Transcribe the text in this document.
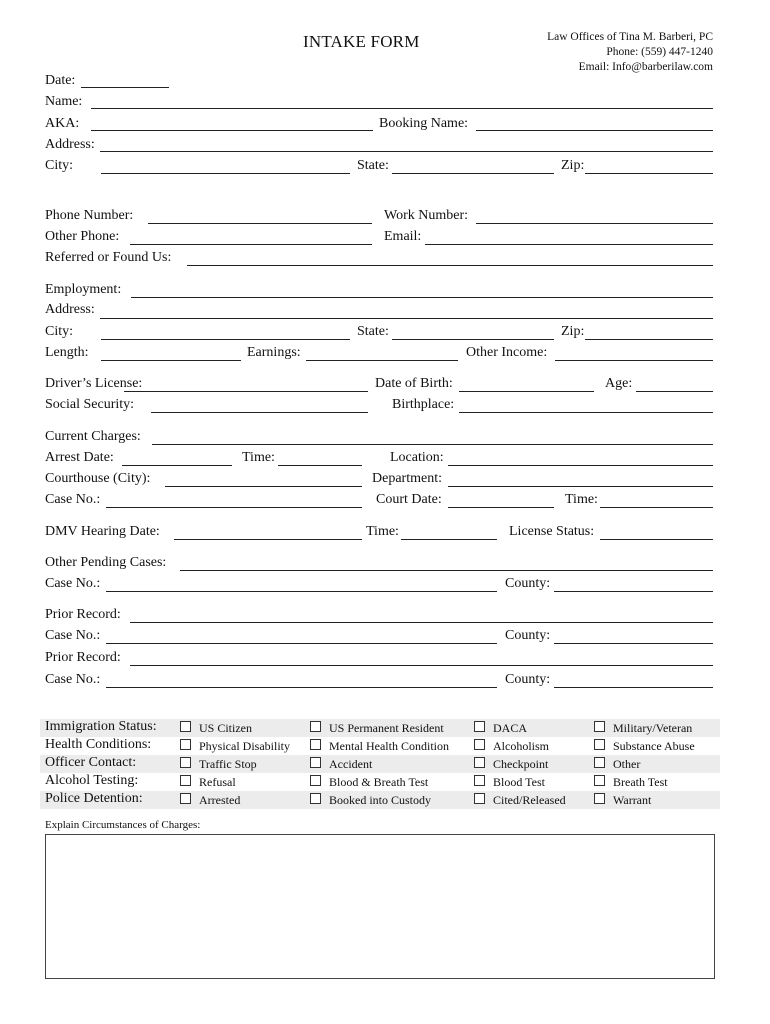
INTAKE FORM	Law Offices of Tina M. Barberi, PC
Phone: (559) 447-1240
Email: Info@barberilaw.com
Date:
Name:
AKA:	Booking Name:
Address:
City:	State:	Zip:
Phone Number:	Work Number:
Other Phone:	Email:
Referred or Found Us:
Employment:
Address:
City:	State:	Zip:
Length:	Earnings:	Other Income:
Driver’s License:	Date of Birth:	Age:
Social Security:	Birthplace:
Current Charges:
Arrest Date:	Time:	Location:
Courthouse (City):	Department:
Case No.:	Court Date:	Time:
DMV Hearing Date:	Time:	License Status:
Other Pending Cases:
Case No.:	County:
Prior Record:
Case No.:	County:
Prior Record:
Case No.:	County:
Immigration Status:	US Citizen	US Permanent Resident	DACA	Military/Veteran
Health Conditions:	Physical Disability	Mental Health Condition	Alcoholism	Substance Abuse
Officer Contact:	Traffic Stop	Accident	Checkpoint	Other
Alcohol Testing:	Refusal	Blood & Breath Test	Blood Test	Breath Test
Police Detention:	Arrested	Booked into Custody	Cited/Released	Warrant
Explain Circumstances of Charges:
